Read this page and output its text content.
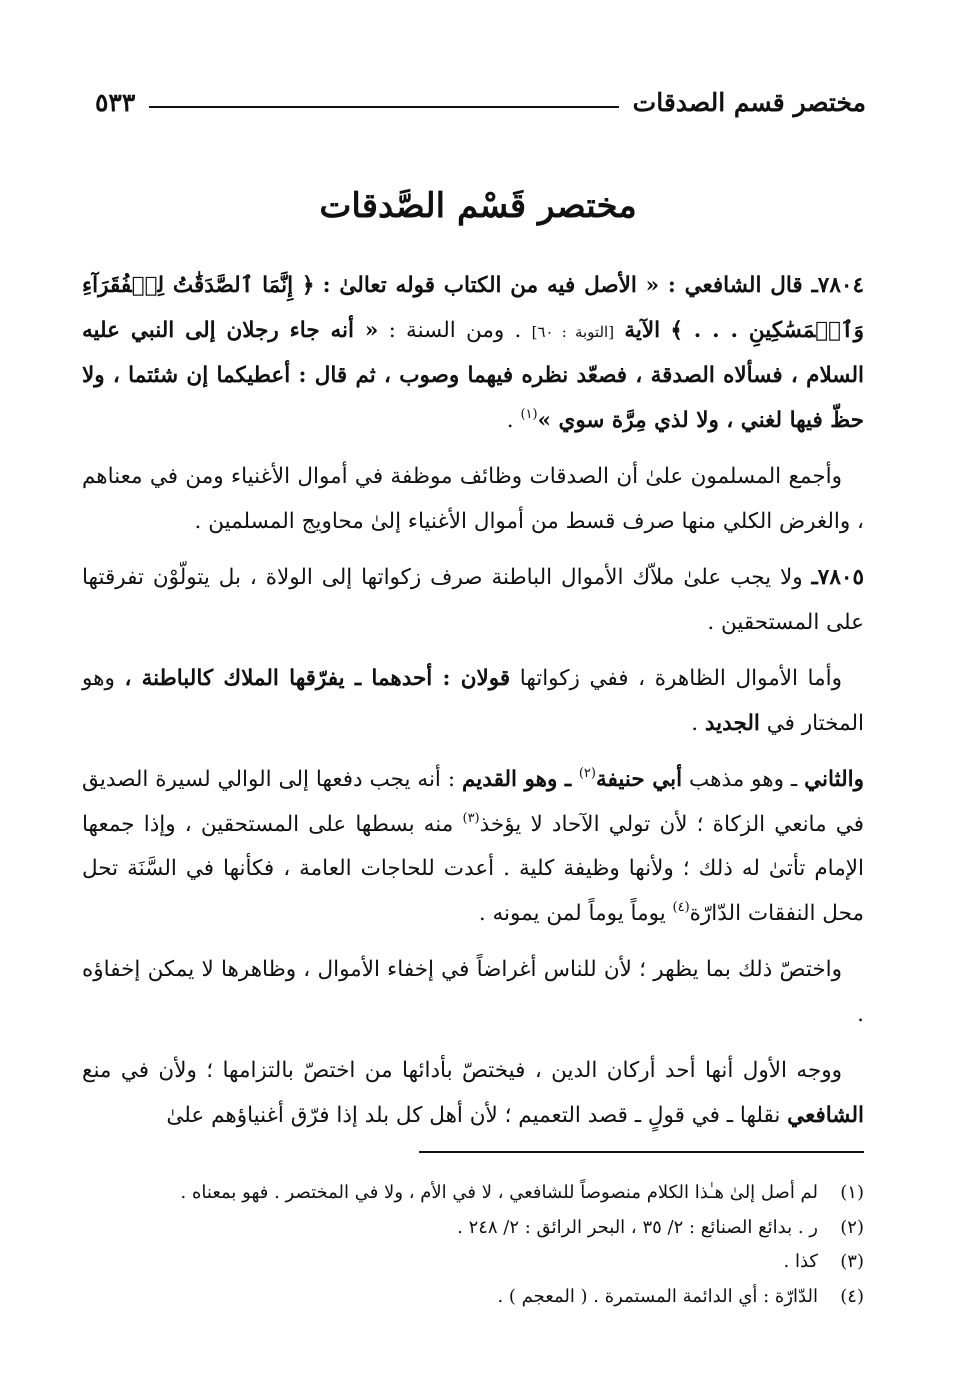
مختصر قسم الصدقات
٥٣٣
مختصر قَسْم الصَّدقات

٧٨٠٤ـ قال الشافعي : « الأصل فيه من الكتاب قوله تعالىٰ : ﴿ إِنَّمَا ٱلصَّدَقَٰتُ لِلۡفُقَرَآءِ وَٱلۡمَسَٰكِينِ . . . ﴾ الآية [التوبة : ٦٠] . ومن السنة : « أنه جاء رجلان إلى النبي عليه السلام ، فسألاه الصدقة ، فصعّد نظره فيهما وصوب ، ثم قال : أعطيكما إن شئتما ، ولا حظّ فيها لغني ، ولا لذي مِرَّة سوي »$^{(١)}$ .

وأجمع المسلمون علىٰ أن الصدقات وظائف موظفة في أموال الأغنياء ومن في معناهم ، والغرض الكلي منها صرف قسط من أموال الأغنياء إلىٰ محاويج المسلمين .

٧٨٠٥ـ ولا يجب علىٰ ملاّك الأموال الباطنة صرف زكواتها إلى الولاة ، بل يتولّوْن تفرقتها على المستحقين .

وأما الأموال الظاهرة ، ففي زكواتها قولان : أحدهما ـ يفرّقها الملاك كالباطنة ، وهو المختار في الجديد .

والثاني ـ وهو مذهب أبي حنيفة$^{(٢)}$ ـ وهو القديم : أنه يجب دفعها إلى الوالي لسيرة الصديق في مانعي الزكاة ؛ لأن تولي الآحاد لا يؤخذ$^{(٣)}$ منه بسطها على المستحقين ، وإذا جمعها الإمام تأتىٰ له ذلك ؛ ولأنها وظيفة كلية . أعدت للحاجات العامة ، فكأنها في السَّنَة تحل محل النفقات الدّارّة$^{(٤)}$ يوماً يوماً لمن يمونه .

واختصّ ذلك بما يظهر ؛ لأن للناس أغراضاً في إخفاء الأموال ، وظاهرها لا يمكن إخفاؤه .

ووجه الأول أنها أحد أركان الدين ، فيختصّ بأدائها من اختصّ بالتزامها ؛ ولأن في منع الشافعي نقلها ـ في قولٍ ـ قصد التعميم ؛ لأن أهل كل بلد إذا فرّق أغنياؤهم علىٰ

(١)
لم أصل إلىٰ هـٰذا الكلام منصوصاً للشافعي ، لا في الأم ، ولا في المختصر . فهو بمعناه .
(٢)
ر . بدائع الصنائع : ٢/ ٣٥ ، البحر الرائق : ٢/ ٢٤٨ .
(٣)
كذا .
(٤)
الدّارّة : أي الدائمة المستمرة . ( المعجم ) .
